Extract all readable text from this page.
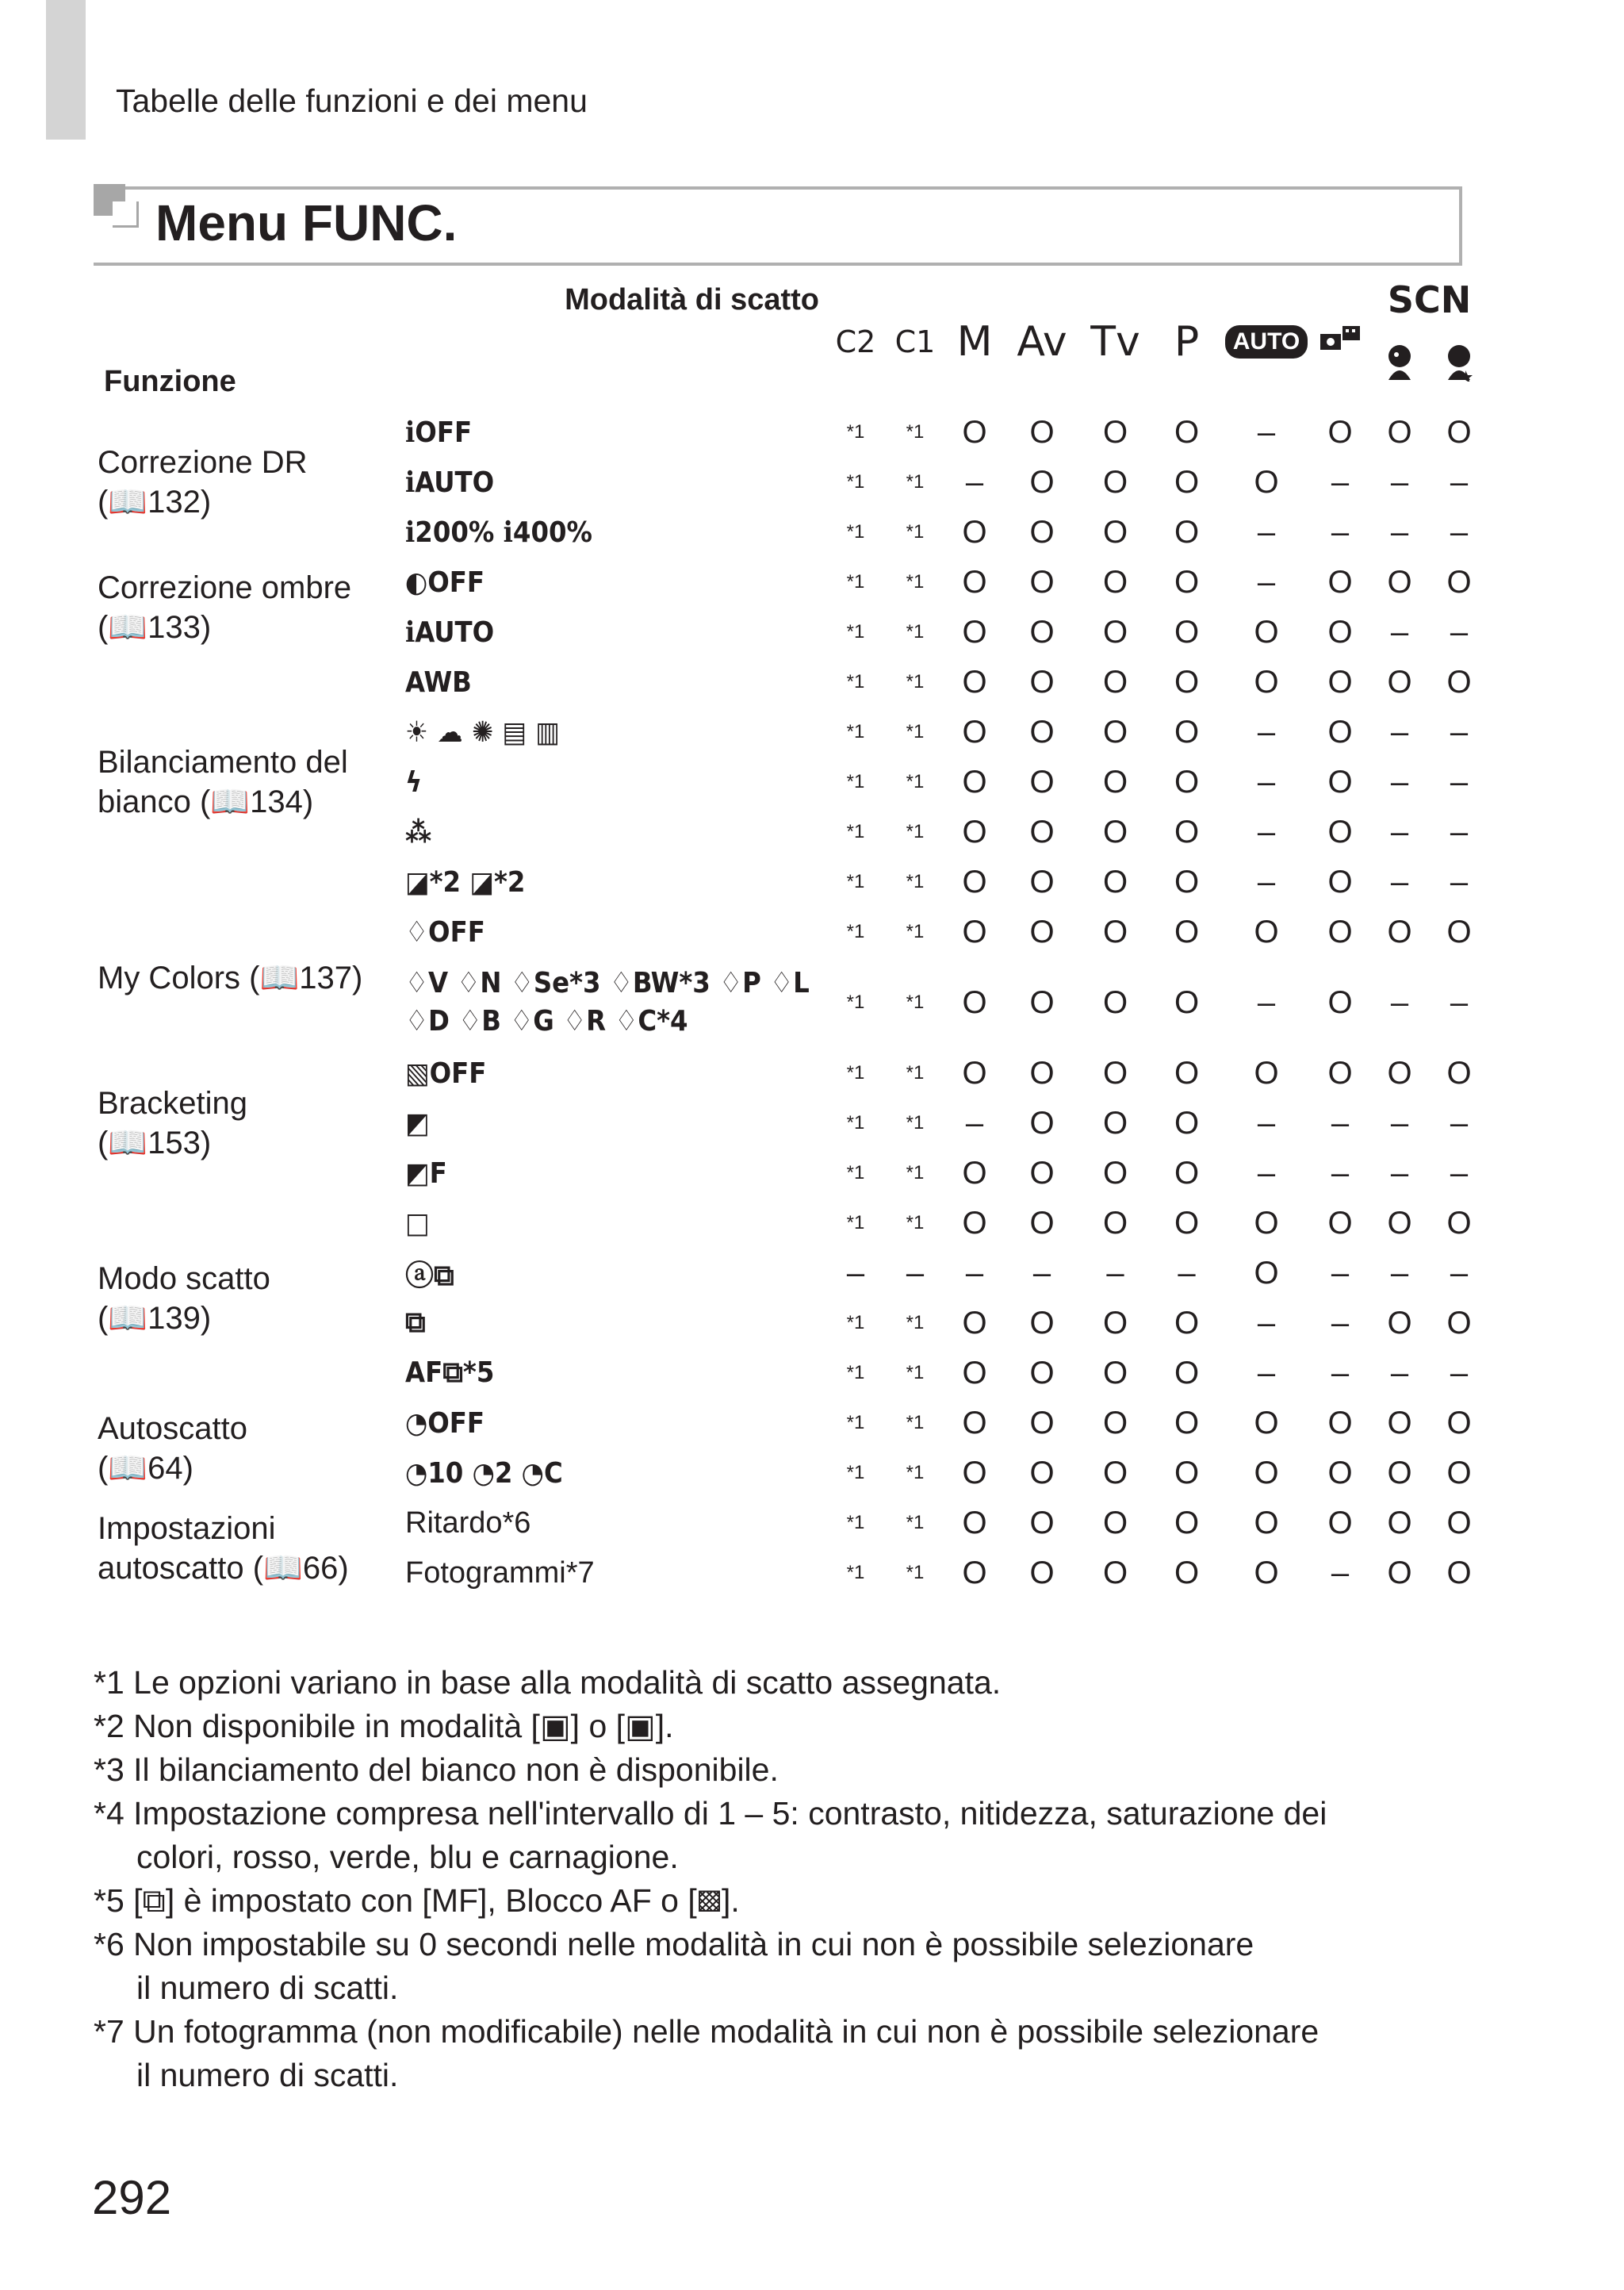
Tabelle delle funzioni e dei menu
Menu FUNC.
Modalità di scatto
Funzione		C2	C1	M	Av	Tv	P	AUTO		SCN	

Correzione DR
(📖132)	ℹOFF	*1	*1	O	O	O	O	–	O	O	O
	ℹAUTO	*1	*1	–	O	O	O	O	–	–	–
	ℹ200% ℹ400%	*1	*1	O	O	O	O	–	–	–	–
Correzione ombre
(📖133)	◐OFF	*1	*1	O	O	O	O	–	O	O	O
	ℹAUTO	*1	*1	O	O	O	O	O	O	–	–
Bilanciamento del bianco (📖134)	AWB	*1	*1	O	O	O	O	O	O	O	O
	☀ ☁ ✺ ▤ ▥	*1	*1	O	O	O	O	–	O	–	–
	ϟ	*1	*1	O	O	O	O	–	O	–	–
	⁂	*1	*1	O	O	O	O	–	O	–	–
	◪*2 ◪*2	*1	*1	O	O	O	O	–	O	–	–
My Colors (📖137)	♢OFF	*1	*1	O	O	O	O	O	O	O	O
	♢V ♢N ♢Se*3 ♢BW*3 ♢P ♢L ♢D ♢B ♢G ♢R ♢C*4	*1	*1	O	O	O	O	–	O	–	–
Bracketing
(📖153)	▧OFF	*1	*1	O	O	O	O	O	O	O	O
	◩	*1	*1	–	O	O	O	–	–	–	–
	◩F	*1	*1	O	O	O	O	–	–	–	–
Modo scatto
(📖139)	□	*1	*1	O	O	O	O	O	O	O	O
	ⓐ⧉	–	–	–	–	–	–	O	–	–	–
	⧉	*1	*1	O	O	O	O	–	–	O	O
	AF⧉*5	*1	*1	O	O	O	O	–	–	–	–
Autoscatto
(📖64)	◔OFF	*1	*1	O	O	O	O	O	O	O	O
	◔10 ◔2 ◔C	*1	*1	O	O	O	O	O	O	O	O
Impostazioni autoscatto (📖66)	Ritardo*6	*1	*1	O	O	O	O	O	O	O	O
	Fotogrammi*7	*1	*1	O	O	O	O	O	–	O	O
*1 Le opzioni variano in base alla modalità di scatto assegnata.
*2 Non disponibile in modalità [▣] o [▣].
*3 Il bilanciamento del bianco non è disponibile.
*4 Impostazione compresa nell'intervallo di 1 – 5: contrasto, nitidezza, saturazione dei
colori, rosso, verde, blu e carnagione.
*5 [⧉] è impostato con [MF], Blocco AF o [▩].
*6 Non impostabile su 0 secondi nelle modalità in cui non è possibile selezionare
il numero di scatti.
*7 Un fotogramma (non modificabile) nelle modalità in cui non è possibile selezionare
il numero di scatti.
292
